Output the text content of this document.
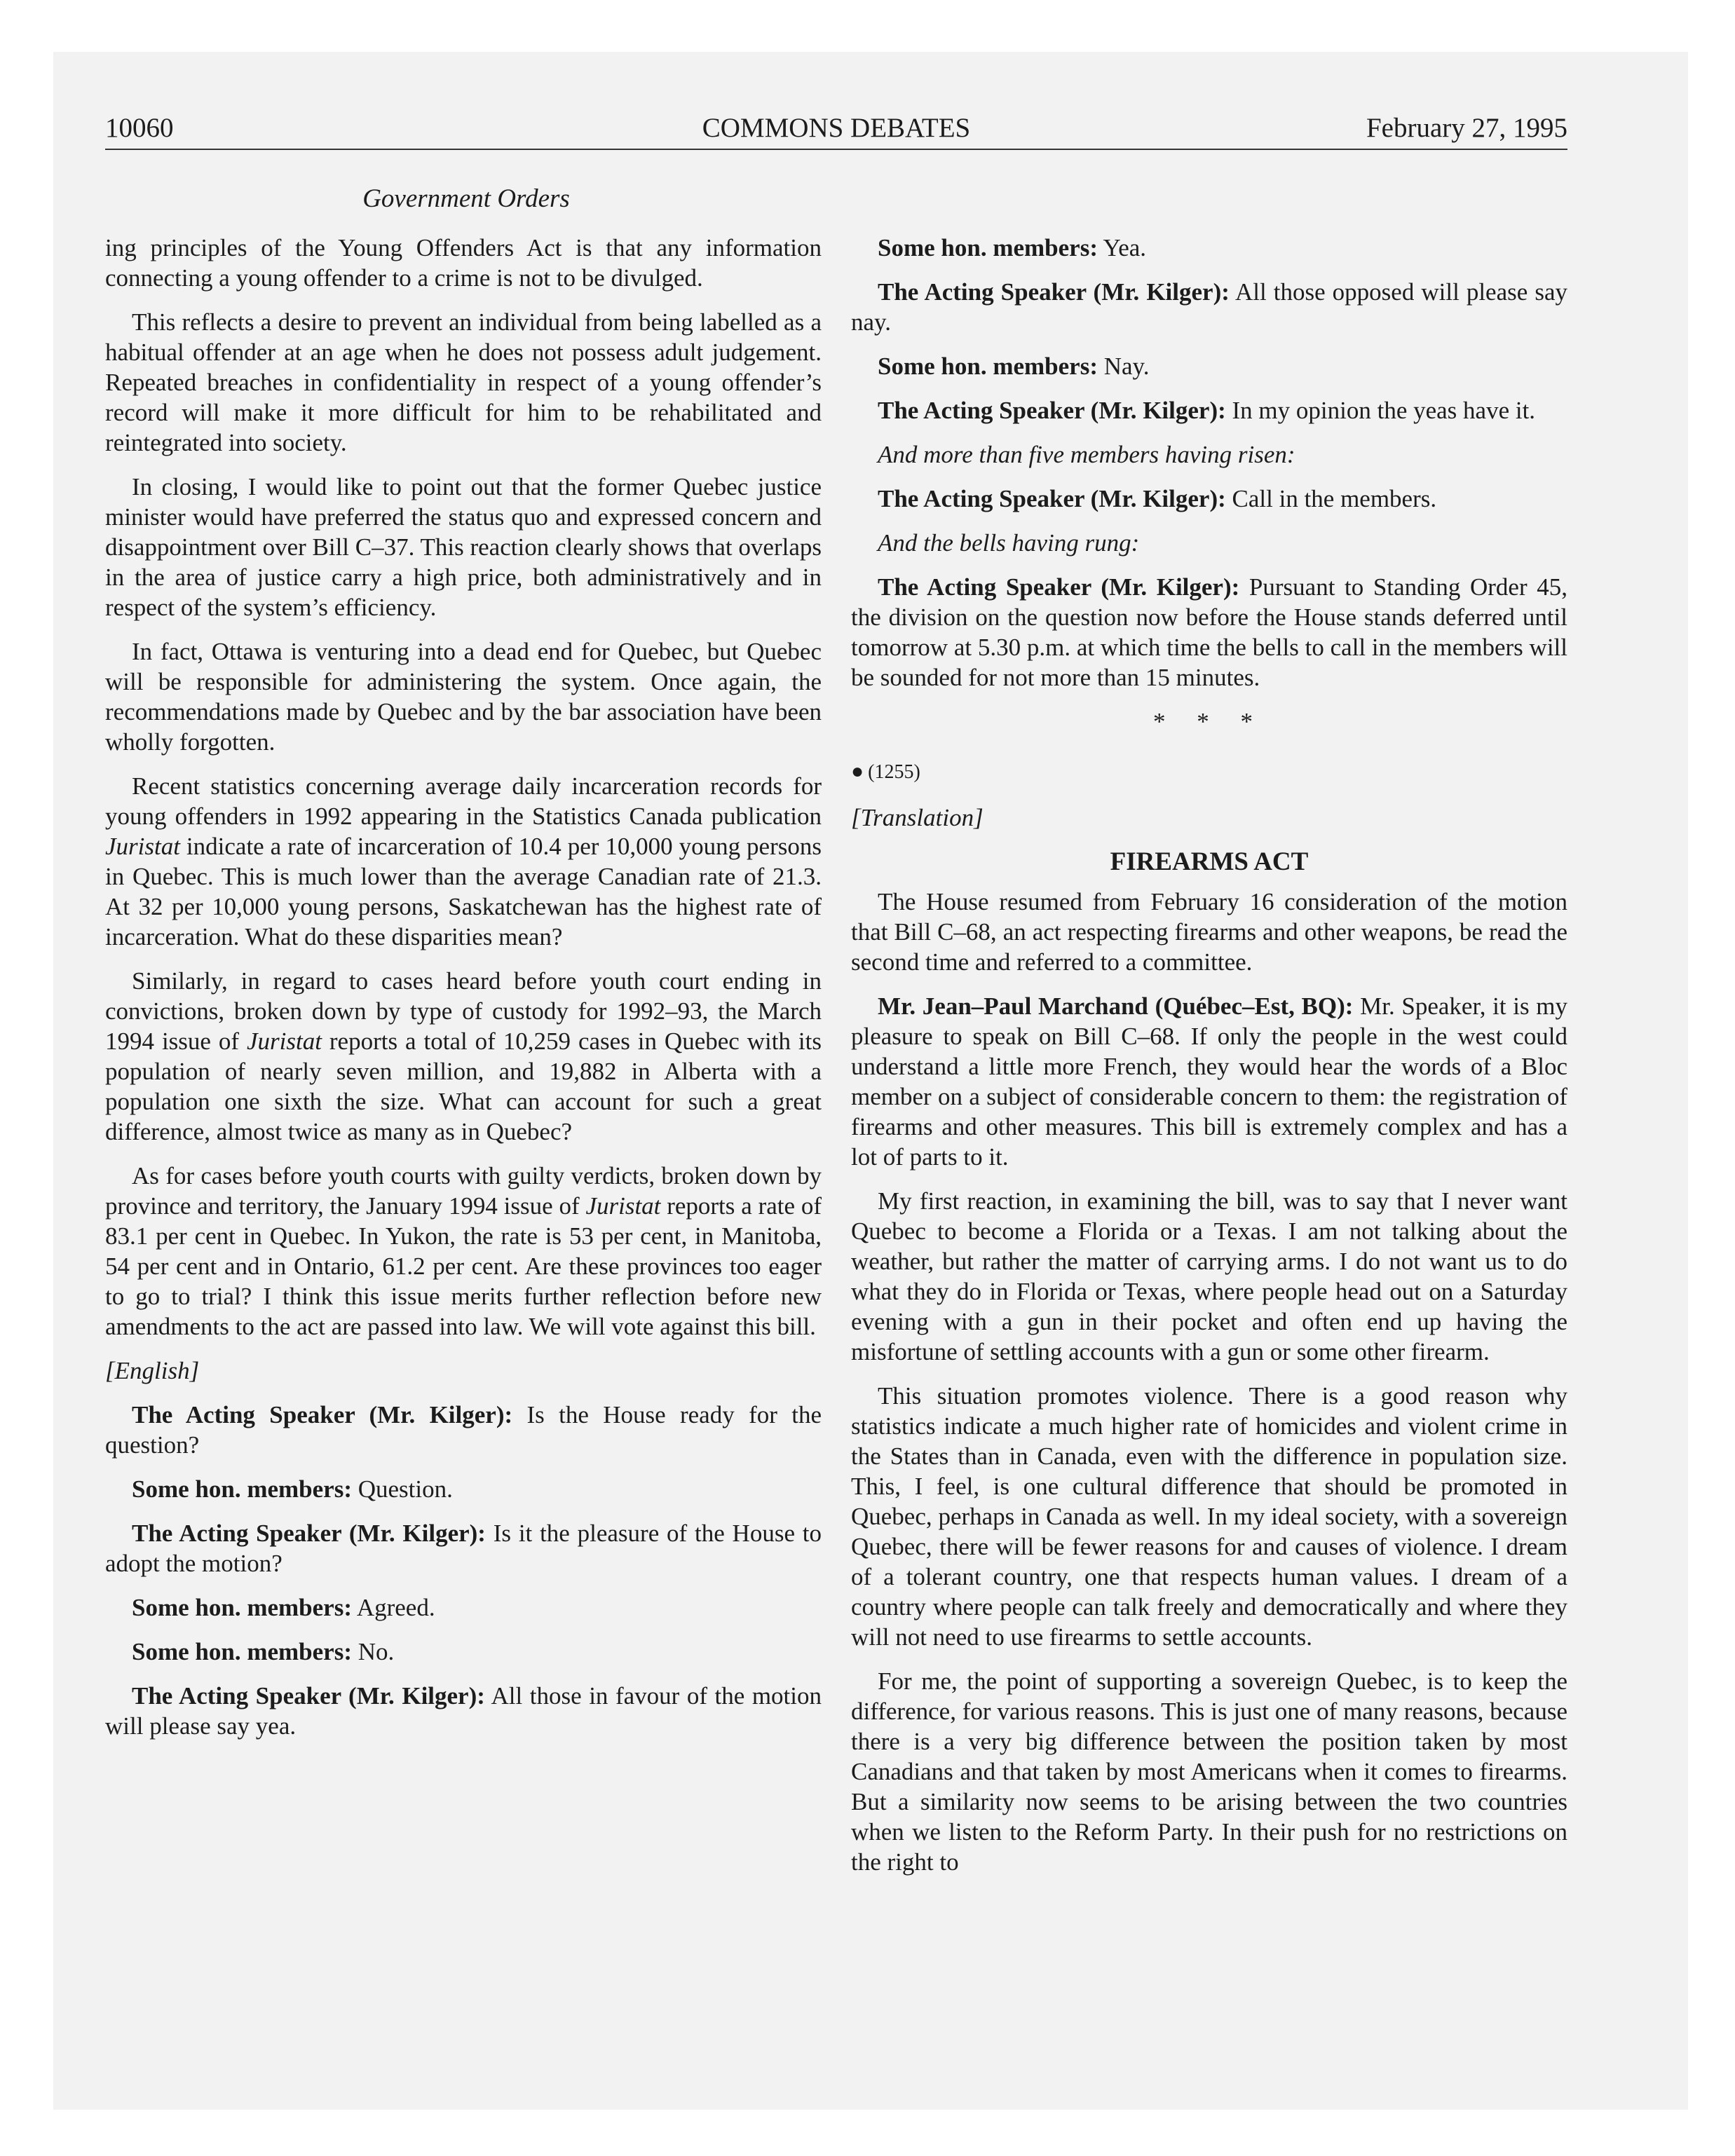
10060	COMMONS DEBATES	February 27, 1995
Government Orders

ing principles of the Young Offenders Act is that any information connecting a young offender to a crime is not to be divulged.

This reflects a desire to prevent an individual from being labelled as a habitual offender at an age when he does not possess adult judgement. Repeated breaches in confidentiality in respect of a young offender’s record will make it more difficult for him to be rehabilitated and reintegrated into society.

In closing, I would like to point out that the former Quebec justice minister would have preferred the status quo and expressed concern and disappointment over Bill C–37. This reaction clearly shows that overlaps in the area of justice carry a high price, both administratively and in respect of the system’s efficiency.

In fact, Ottawa is venturing into a dead end for Quebec, but Quebec will be responsible for administering the system. Once again, the recommendations made by Quebec and by the bar association have been wholly forgotten.

Recent statistics concerning average daily incarceration records for young offenders in 1992 appearing in the Statistics Canada publication Juristat indicate a rate of incarceration of 10.4 per 10,000 young persons in Quebec. This is much lower than the average Canadian rate of 21.3. At 32 per 10,000 young persons, Saskatchewan has the highest rate of incarceration. What do these disparities mean?

Similarly, in regard to cases heard before youth court ending in convictions, broken down by type of custody for 1992–93, the March 1994 issue of Juristat reports a total of 10,259 cases in Quebec with its population of nearly seven million, and 19,882 in Alberta with a population one sixth the size. What can account for such a great difference, almost twice as many as in Quebec?

As for cases before youth courts with guilty verdicts, broken down by province and territory, the January 1994 issue of Juristat reports a rate of 83.1 per cent in Quebec. In Yukon, the rate is 53 per cent, in Manitoba, 54 per cent and in Ontario, 61.2 per cent. Are these provinces too eager to go to trial? I think this issue merits further reflection before new amendments to the act are passed into law. We will vote against this bill.

[English]

The Acting Speaker (Mr. Kilger): Is the House ready for the question?

Some hon. members: Question.

The Acting Speaker (Mr. Kilger): Is it the pleasure of the House to adopt the motion?

Some hon. members: Agreed.

Some hon. members: No.

The Acting Speaker (Mr. Kilger): All those in favour of the motion will please say yea.

Some hon. members: Yea.

The Acting Speaker (Mr. Kilger): All those opposed will please say nay.

Some hon. members: Nay.

The Acting Speaker (Mr. Kilger): In my opinion the yeas have it.

And more than five members having risen:

The Acting Speaker (Mr. Kilger): Call in the members.

And the bells having rung:

The Acting Speaker (Mr. Kilger): Pursuant to Standing Order 45, the division on the question now before the House stands deferred until tomorrow at 5.30 p.m. at which time the bells to call in the members will be sounded for not more than 15 minutes.

* * *
● (1255)

[Translation]

FIREARMS ACT

The House resumed from February 16 consideration of the motion that Bill C–68, an act respecting firearms and other weapons, be read the second time and referred to a committee.

Mr. Jean–Paul Marchand (Québec–Est, BQ): Mr. Speaker, it is my pleasure to speak on Bill C–68. If only the people in the west could understand a little more French, they would hear the words of a Bloc member on a subject of considerable concern to them: the registration of firearms and other measures. This bill is extremely complex and has a lot of parts to it.

My first reaction, in examining the bill, was to say that I never want Quebec to become a Florida or a Texas. I am not talking about the weather, but rather the matter of carrying arms. I do not want us to do what they do in Florida or Texas, where people head out on a Saturday evening with a gun in their pocket and often end up having the misfortune of settling accounts with a gun or some other firearm.

This situation promotes violence. There is a good reason why statistics indicate a much higher rate of homicides and violent crime in the States than in Canada, even with the difference in population size. This, I feel, is one cultural difference that should be promoted in Quebec, perhaps in Canada as well. In my ideal society, with a sovereign Quebec, there will be fewer reasons for and causes of violence. I dream of a tolerant country, one that respects human values. I dream of a country where people can talk freely and democratically and where they will not need to use firearms to settle accounts.

For me, the point of supporting a sovereign Quebec, is to keep the difference, for various reasons. This is just one of many reasons, because there is a very big difference between the position taken by most Canadians and that taken by most Americans when it comes to firearms. But a similarity now seems to be arising between the two countries when we listen to the Reform Party. In their push for no restrictions on the right to
